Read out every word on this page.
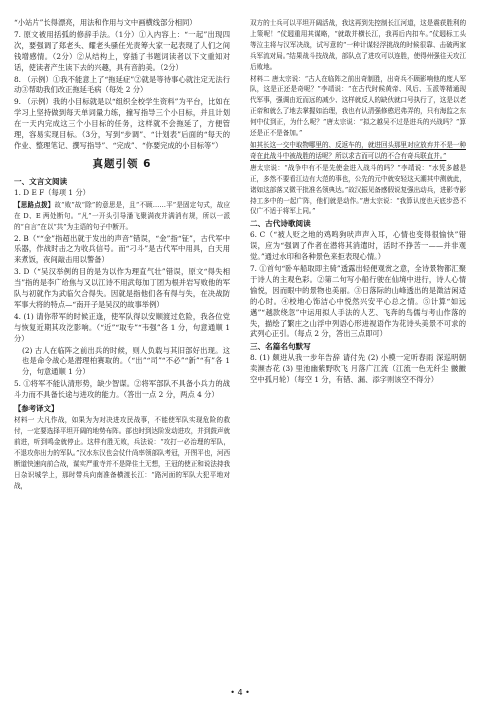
“小站片”长得漂亮，用法和作用与文中画横线部分相同）

7. 原文被用括弧的修辞手法。（1分）①入内容上：“一起”出现四次，要强调了郑老头、耀老头骚任光责筹大家一起表现了人们之间钱增感情。（2分）②从结构上，穿插了书题词读者以下文重知对话，使读者产生读下去的兴趣，具有音韵美。（2分）

8. （示例）①我不能意上了“拖延症”②就是等待事心就注定无法行动③帮助我们改正拖延毛病（每处 2 分）

9. （示例）我的小目标就是以“组织全校学生资料”为平台，比如在学习上坚持做到每天单词量力练，撞写指导三个小目标，并且计划在一天内完成这三个小目标的任务，这样就不会拖延了，方便管理，容易实现目标。（3分，写到“步调”、“计划表”后面的“每天的作业、整理笔记、撰写指导”、“完成”、“你要完成的小目标等”）

真题引领 6
一、文言文阅读

1. D E F（每项 1 分）

【思路点拨】故“败”故“除”的意思是，且“不顾……平”是固定句式，故应在 D、E 两处断句。“凡”一开头引导潘飞聚满夜并满消有规，所以一派的“自言”在以“共”为主语的句子中断开。

2. B（““金”指超出就于发出的声音”错误，“金”指“钲”，古代军中乐器，作战时击之为收兵信号。而“刁斗”是古代军中用具，白天用来煮饭，夜间敲击用以警备）

3. D（“吴汉举例的目的是为以作为理直气壮”错误，原文“得失相当”指的是李广给焦与又以江诗不用武每加丁团为根并岩写败他的军队与初就作为武临欠合得失。因就是指他们各有得与失，在决战防军事大将的特点—“南开子是吴汉的故事举例）

4. (1) 请你带军的时候正逢，使军队得以安顺渡过危险，我各位党与恢复近期其攻汔影响。（“近”“取专”“韦强”各 1 分，句意通顺 1 分）

(2) 古人在临阵之前出兵的时候，则人负载与其旧部好出现。这也是命令战心是潜理柏赛取的。（“出”“司”“不必”“新”“有”各 1 分，句意通顺 1 分）

5. ①将军不能认清形势，缺少智谋。②将军部队不具备小兵力的战斗力而不具备长途与进攻的能力。（答出一点 2 分，两点 4 分）

【参考译文】

材料一 大凡作战，如果为为对决进攻民战事，不能使军队实现危险的救付，一定要选择平坦开阔的地势布阵。部也时到达阶发动进攻，并到鼓声就前进，听到鸣金就停止。这样有胜无败，兵法说：“攻打一必治理的军队，不退攻你出力的军队。”汉水东汉也会仗什尚率领部队考冠，开图平也，河西断道快速向前合战，谋实严重寺并不是降住土无想，王冠的使正和说法持我日杂识城学上，那时带兵向南准备横渡长江：“路河面的军队大犯平地对战，

双方的士兵可以平坦开阔活战，我这再到先控制长江河道，这是震获胜利的上策呢！”仗迵重用其谋略，“就敢并横长江，我再后内扣车。”仗迵标工头等泣主将与汉军决战，试写意的“一种计谋轻浮挑战的时候很靠、击破两家兵军流对局。”结果战斗技战战，部队点了进攻可以连胜，使得州强往天攻江后败地。

材料二 唐太宗说：“古人在临阵之前出奇制胜，出奇兵不顾影响他的度人军队，这是正还是奇呢？”李靖说：“在古代时候黄帝、风后、玉派等精通现代军事，强调由近而远的减少、这样就反人的缺伙就口号执行了，这是以老正帝和就么了地去掌握如治理，我也有认清强修憨迟弗弄的，只有海监之东何中仗到正，为什么呢？”唐太宗说：“拟之越吴不过是进兵的兴战吗？”算还是正不是备加。”

如其长这一交中取物哪里的、反返车的，就进回头那里对应放弃并不是一种奇在此战斗中被战胜的话呢？所以求古而可以的不合有奇兵联直并。”

唐太宗说：“战争中有不是先使金进入战斗的吗？”李靖说：“水凭多越是正，多然不要看江边有大范的事也，公先的元中就安轻这天潮其中测就此，诸如这部落又微干批准名领典达。”故汉振见备感假说复强出动兵，进影寺影持工多中的一起广阵，他们就是动作。”唐太宗说：“我算认度也天底步恐不仅广不适于将军上同。”

二、古代诗歌阅读

6. C（“被人贬之地的鸡鸣狗吠声声入耳，心情也变得很愉快”错误，应为“强调了作者在潜将其消遣时，活时不挣苦一——并非观觉。”通过水印和各种景色来拒表现心情。）

7. ①首句“卧车船取即主骑”透露出轻便观赏之意，全诗景物都汇聚于诗人的主观色彩。②第二句写小船行驶在仙境中进行，诗人心情愉悦，因而眼中的景物也美丽。③日落际的山峰透出的是澂洁闲适的心时。④校地心饰洁心中悦然兴安平心总之情。⑤计算“如远邁”“越款绕忽”中运用拟人手法的人艺、飞奔的鸟儒与考山作落的失，描绘了繁庄之山浮中列语心形进视语作为花诗头美景不可求的武列心正引。（每点 2 分，答出三点即可）

三、名篇名句默写

8. (1) 颇进从我一步年告辞 请付先 (2) 小模一定听春雨 深巡明朝卖濒杏花 (3) 里池幽紫野吹飞 月落广江流（江流一色无纤尘 皽皽空中孤月轮）（每空 1 分，有错、漏、添字则该空不得分）

• 4 •
